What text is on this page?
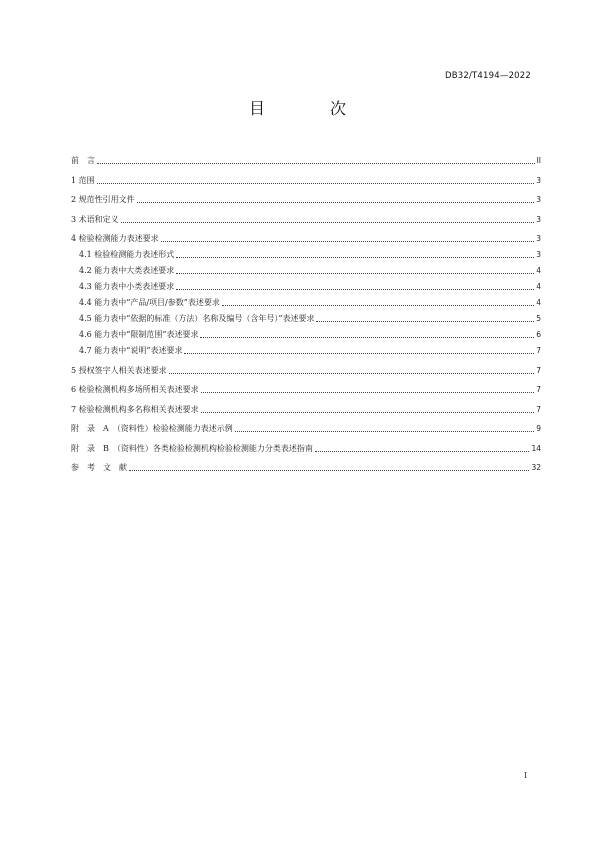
DB32/T4194—2022
目 次
前　言	II
1 范围	3
2 规范性引用文件	3
3 术语和定义	3
4 检验检测能力表述要求	3
4.1 检验检测能力表述形式	3
4.2 能力表中大类表述要求	4
4.3 能力表中小类表述要求	4
4.4 能力表中“产品/项目/参数”表述要求	4
4.5 能力表中“依据的标准（方法）名称及编号（含年号）”表述要求	5
4.6 能力表中“限制范围”表述要求	6
4.7 能力表中“说明”表述要求	7
5 授权签字人相关表述要求	7
6 检验检测机构多场所相关表述要求	7
7 检验检测机构多名称相关表述要求	7
附　录　A　（资料性）检验检测能力表述示例	9
附　录　B　（资料性）各类检验检测机构检验检测能力分类表述指南	14
参　考　文　献	32
I
